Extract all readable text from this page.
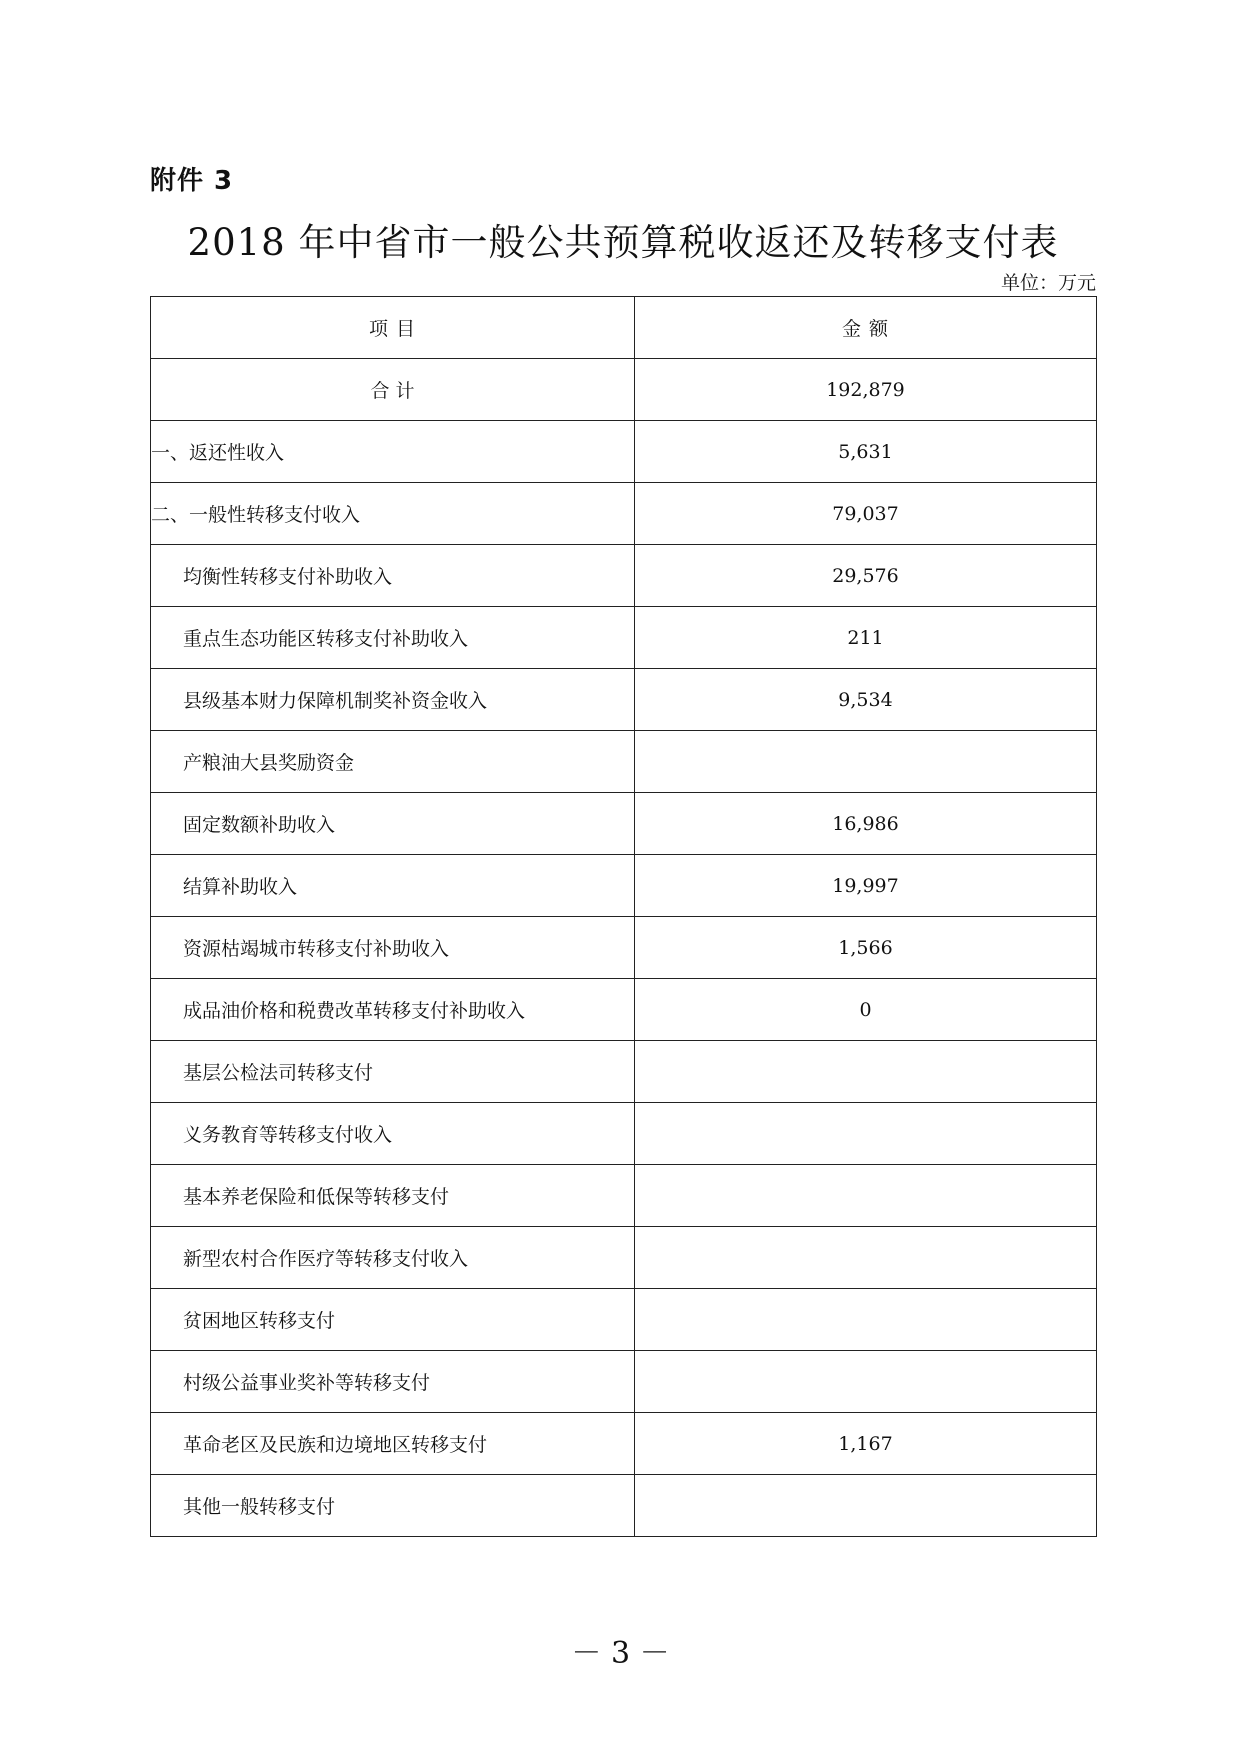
附件 3
2018 年中省市一般公共预算税收返还及转移支付表
单位：万元
项 目	金 额
合 计	192,879
一、返还性收入	5,631
二、一般性转移支付收入	79,037
均衡性转移支付补助收入	29,576
重点生态功能区转移支付补助收入	211
县级基本财力保障机制奖补资金收入	9,534
产粮油大县奖励资金	
固定数额补助收入	16,986
结算补助收入	19,997
资源枯竭城市转移支付补助收入	1,566
成品油价格和税费改革转移支付补助收入	0
基层公检法司转移支付	
义务教育等转移支付收入	
基本养老保险和低保等转移支付	
新型农村合作医疗等转移支付收入	
贫困地区转移支付	
村级公益事业奖补等转移支付	
革命老区及民族和边境地区转移支付	1,167
其他一般转移支付	
－ 3 －
